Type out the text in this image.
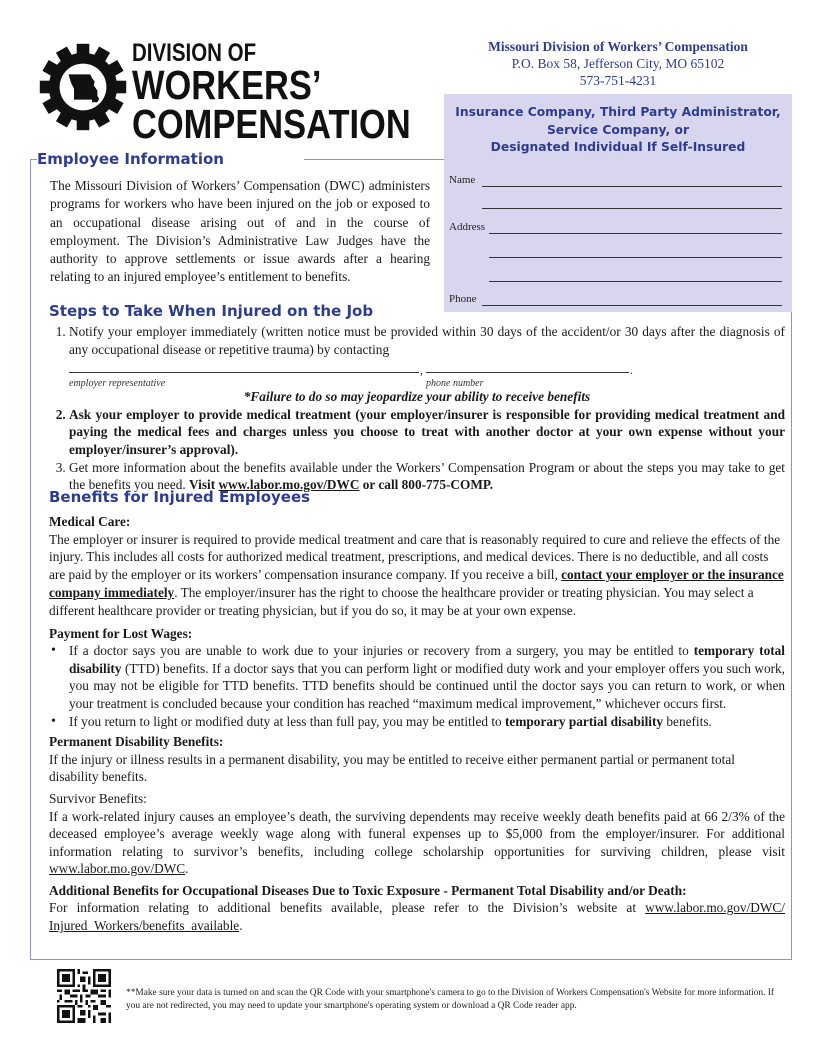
DIVISION OF
WORKERS’
COMPENSATION
Missouri Division of Workers’ Compensation
P.O. Box 58, Jefferson City, MO 65102
573-751-4231
Insurance Company, Third Party Administrator,
Service Company, or
Designated Individual If Self-Insured
Name
Address
Phone
Employee Information
The Missouri Division of Workers’ Compensation (DWC) administers programs for workers who have been injured on the job or exposed to an occupational disease arising out of and in the course of employment. The Division’s Administrative Law Judges have the authority to approve settlements or issue awards after a hearing relating to an injured employee’s entitlement to benefits.
Steps to Take When Injured on the Job
1. Notify your employer immediately (written notice must be provided within 30 days of the accident/or 30 days after the diagnosis of any occupational disease or repetitive trauma) by contacting
,	.
employer representative	phone number
*Failure to do so may jeopardize your ability to receive benefits
2. Ask your employer to provide medical treatment (your employer/insurer is responsible for providing medical treatment and paying the medical fees and charges unless you choose to treat with another doctor at your own expense without your employer/insurer’s approval).
3. Get more information about the benefits available under the Workers’ Compensation Program or about the steps you may take to get the benefits you need. Visit www.labor.mo.gov/DWC or call 800-775-COMP.
Benefits for Injured Employees

Medical Care:

The employer or insurer is required to provide medical treatment and care that is reasonably required to cure and relieve the effects of the injury. This includes all costs for authorized medical treatment, prescriptions, and medical devices. There is no deductible, and all costs are paid by the employer or its workers’ compensation insurance company. If you receive a bill, contact your employer or the insurance company immediately. The employer/insurer has the right to choose the healthcare provider or treating physician. You may select a different healthcare provider or treating physician, but if you do so, it may be at your own expense.

Payment for Lost Wages:

• If a doctor says you are unable to work due to your injuries or recovery from a surgery, you may be entitled to temporary total disability (TTD) benefits. If a doctor says that you can perform light or modified duty work and your employer offers you such work, you may not be eligible for TTD benefits. TTD benefits should be continued until the doctor says you can return to work, or when your treatment is concluded because your condition has reached “maximum medical improvement,” whichever occurs first.
• If you return to light or modified duty at less than full pay, you may be entitled to temporary partial disability benefits.

Permanent Disability Benefits:

If the injury or illness results in a permanent disability, you may be entitled to receive either permanent partial or permanent total disability benefits.

Survivor Benefits:

If a work-related injury causes an employee’s death, the surviving dependents may receive weekly death benefits paid at 66 2/3% of the deceased employee’s average weekly wage along with funeral expenses up to $5,000 from the employer/insurer. For additional information relating to survivor’s benefits, including college scholarship opportunities for surviving children, please visit www.labor.mo.gov/DWC.

Additional Benefits for Occupational Diseases Due to Toxic Exposure - Permanent Total Disability and/or Death:

For information relating to additional benefits available, please refer to the Division’s website at www.labor.mo.gov/DWC/ Injured_Workers/benefits_available.

**Make sure your data is turned on and scan the QR Code with your smartphone's camera to go to the Division of Workers Compensation's Website for more information. If you are not redirected, you may need to update your smartphone's operating system or download a QR Code reader app.
